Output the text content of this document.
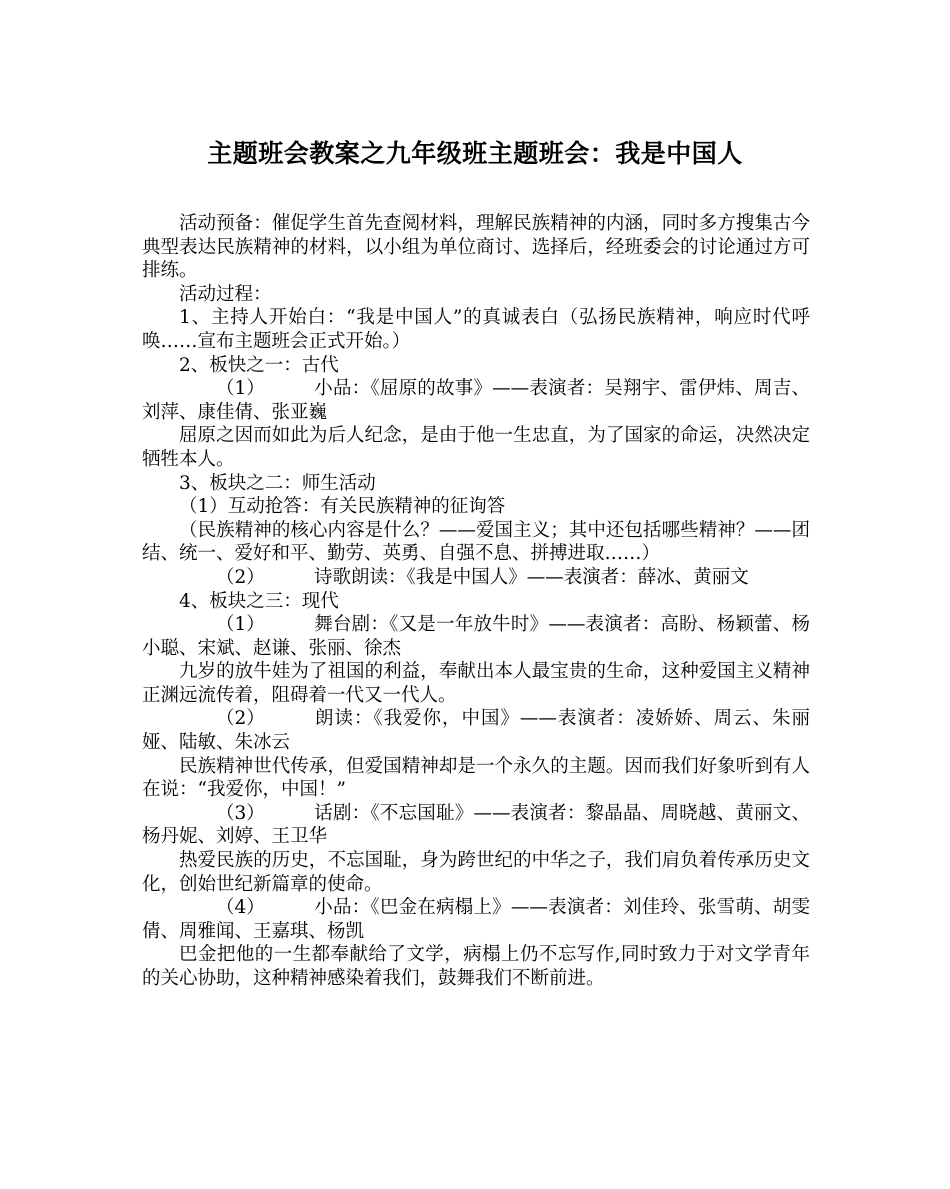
主题班会教案之九年级班主题班会：我是中国人

活动预备：催促学生首先查阅材料，理解民族精神的内涵，同时多方搜集古今典型表达民族精神的材料，以小组为单位商讨、选择后，经班委会的讨论通过方可排练。

活动过程：

1、主持人开始白：“我是中国人”的真诚表白（弘扬民族精神，响应时代呼唤……宣布主题班会正式开始。）

2、板快之一：古代

（1）	小品：《屈原的故事》——表演者：吴翔宇、雷伊炜、周吉、刘萍、康佳倩、张亚巍

屈原之因而如此为后人纪念，是由于他一生忠直，为了国家的命运，决然决定牺牲本人。

3、板块之二：师生活动

（1）互动抢答：有关民族精神的征询答

（民族精神的核心内容是什么？——爱国主义；其中还包括哪些精神？——团结、统一、爱好和平、勤劳、英勇、自强不息、拼搏进取……）

（2）	诗歌朗读：《我是中国人》——表演者：薛冰、黄丽文

4、板块之三：现代

（1）	舞台剧：《又是一年放牛时》——表演者：高盼、杨颖蕾、杨小聪、宋斌、赵谦、张丽、徐杰

九岁的放牛娃为了祖国的利益，奉献出本人最宝贵的生命，这种爱国主义精神正渊远流传着，阻碍着一代又一代人。

（2）	朗读：《我爱你，中国》——表演者：凌娇娇、周云、朱丽娅、陆敏、朱冰云

民族精神世代传承，但爱国精神却是一个永久的主题。因而我们好象听到有人在说：“我爱你，中国！”

（3）	话剧：《不忘国耻》——表演者：黎晶晶、周晓越、黄丽文、杨丹妮、刘婷、王卫华

热爱民族的历史，不忘国耻，身为跨世纪的中华之子，我们肩负着传承历史文化，创始世纪新篇章的使命。

（4）	小品：《巴金在病榻上》——表演者：刘佳玲、张雪萌、胡雯倩、周雅闻、王嘉琪、杨凯

巴金把他的一生都奉献给了文学，病榻上仍不忘写作,同时致力于对文学青年的关心协助，这种精神感染着我们，鼓舞我们不断前进。
